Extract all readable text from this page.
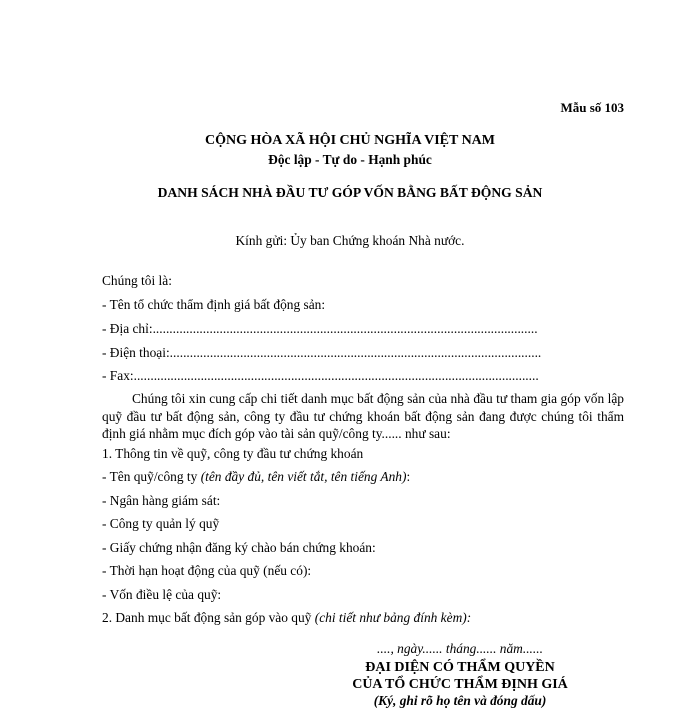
Mẫu số 103
CỘNG HÒA XÃ HỘI CHỦ NGHĨA VIỆT NAM
Độc lập - Tự do - Hạnh phúc
DANH SÁCH NHÀ ĐẦU TƯ GÓP VỐN BẰNG BẤT ĐỘNG SẢN
Kính gửi: Ủy ban Chứng khoán Nhà nước.
Chúng tôi là:
- Tên tổ chức thẩm định giá bất động sản:
- Địa chỉ:...................................................................................................................
- Điện thoại:...............................................................................................................
- Fax:.........................................................................................................................
Chúng tôi xin cung cấp chi tiết danh mục bất động sản của nhà đầu tư tham gia góp vốn lập quỹ đầu tư bất động sản, công ty đầu tư chứng khoán bất động sản đang được chúng tôi thẩm định giá nhằm mục đích góp vào tài sản quỹ/công ty...... như sau:
1. Thông tin về quỹ, công ty đầu tư chứng khoán
- Tên quỹ/công ty (tên đầy đủ, tên viết tắt, tên tiếng Anh):
- Ngân hàng giám sát:
- Công ty quản lý quỹ
- Giấy chứng nhận đăng ký chào bán chứng khoán:
- Thời hạn hoạt động của quỹ (nếu có):
- Vốn điều lệ của quỹ:
2. Danh mục bất động sản góp vào quỹ (chi tiết như bảng đính kèm):
...., ngày...... tháng...... năm......
ĐẠI DIỆN CÓ THẨM QUYỀN
CỦA TỔ CHỨC THẨM ĐỊNH GIÁ
(Ký, ghi rõ họ tên và đóng dấu)
